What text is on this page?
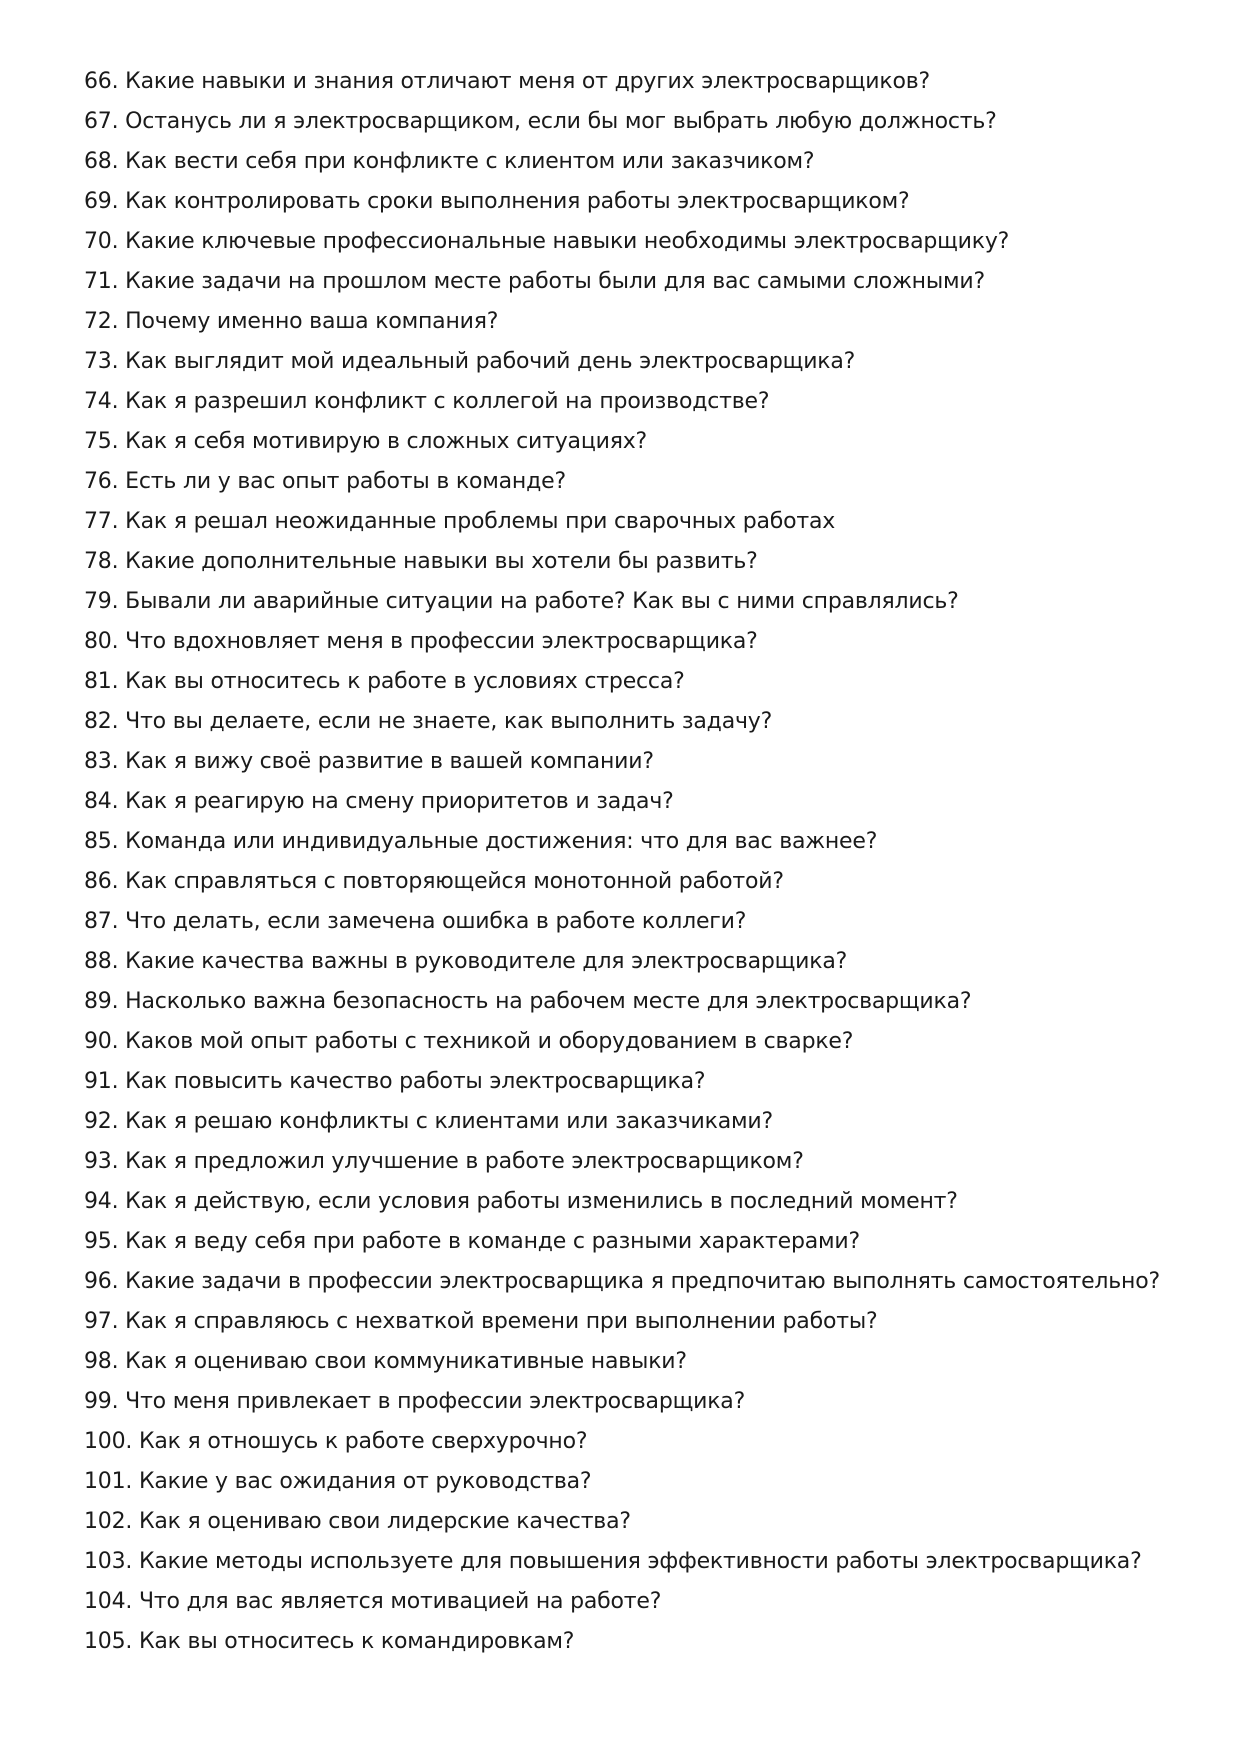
66. Какие навыки и знания отличают меня от других электросварщиков?
67. Останусь ли я электросварщиком, если бы мог выбрать любую должность?
68. Как вести себя при конфликте с клиентом или заказчиком?
69. Как контролировать сроки выполнения работы электросварщиком?
70. Какие ключевые профессиональные навыки необходимы электросварщику?
71. Какие задачи на прошлом месте работы были для вас самыми сложными?
72. Почему именно ваша компания?
73. Как выглядит мой идеальный рабочий день электросварщика?
74. Как я разрешил конфликт с коллегой на производстве?
75. Как я себя мотивирую в сложных ситуациях?
76. Есть ли у вас опыт работы в команде?
77. Как я решал неожиданные проблемы при сварочных работах
78. Какие дополнительные навыки вы хотели бы развить?
79. Бывали ли аварийные ситуации на работе? Как вы с ними справлялись?
80. Что вдохновляет меня в профессии электросварщика?
81. Как вы относитесь к работе в условиях стресса?
82. Что вы делаете, если не знаете, как выполнить задачу?
83. Как я вижу своё развитие в вашей компании?
84. Как я реагирую на смену приоритетов и задач?
85. Команда или индивидуальные достижения: что для вас важнее?
86. Как справляться с повторяющейся монотонной работой?
87. Что делать, если замечена ошибка в работе коллеги?
88. Какие качества важны в руководителе для электросварщика?
89. Насколько важна безопасность на рабочем месте для электросварщика?
90. Каков мой опыт работы с техникой и оборудованием в сварке?
91. Как повысить качество работы электросварщика?
92. Как я решаю конфликты с клиентами или заказчиками?
93. Как я предложил улучшение в работе электросварщиком?
94. Как я действую, если условия работы изменились в последний момент?
95. Как я веду себя при работе в команде с разными характерами?
96. Какие задачи в профессии электросварщика я предпочитаю выполнять самостоятельно?
97. Как я справляюсь с нехваткой времени при выполнении работы?
98. Как я оцениваю свои коммуникативные навыки?
99. Что меня привлекает в профессии электросварщика?
100. Как я отношусь к работе сверхурочно?
101. Какие у вас ожидания от руководства?
102. Как я оцениваю свои лидерские качества?
103. Какие методы используете для повышения эффективности работы электросварщика?
104. Что для вас является мотивацией на работе?
105. Как вы относитесь к командировкам?
